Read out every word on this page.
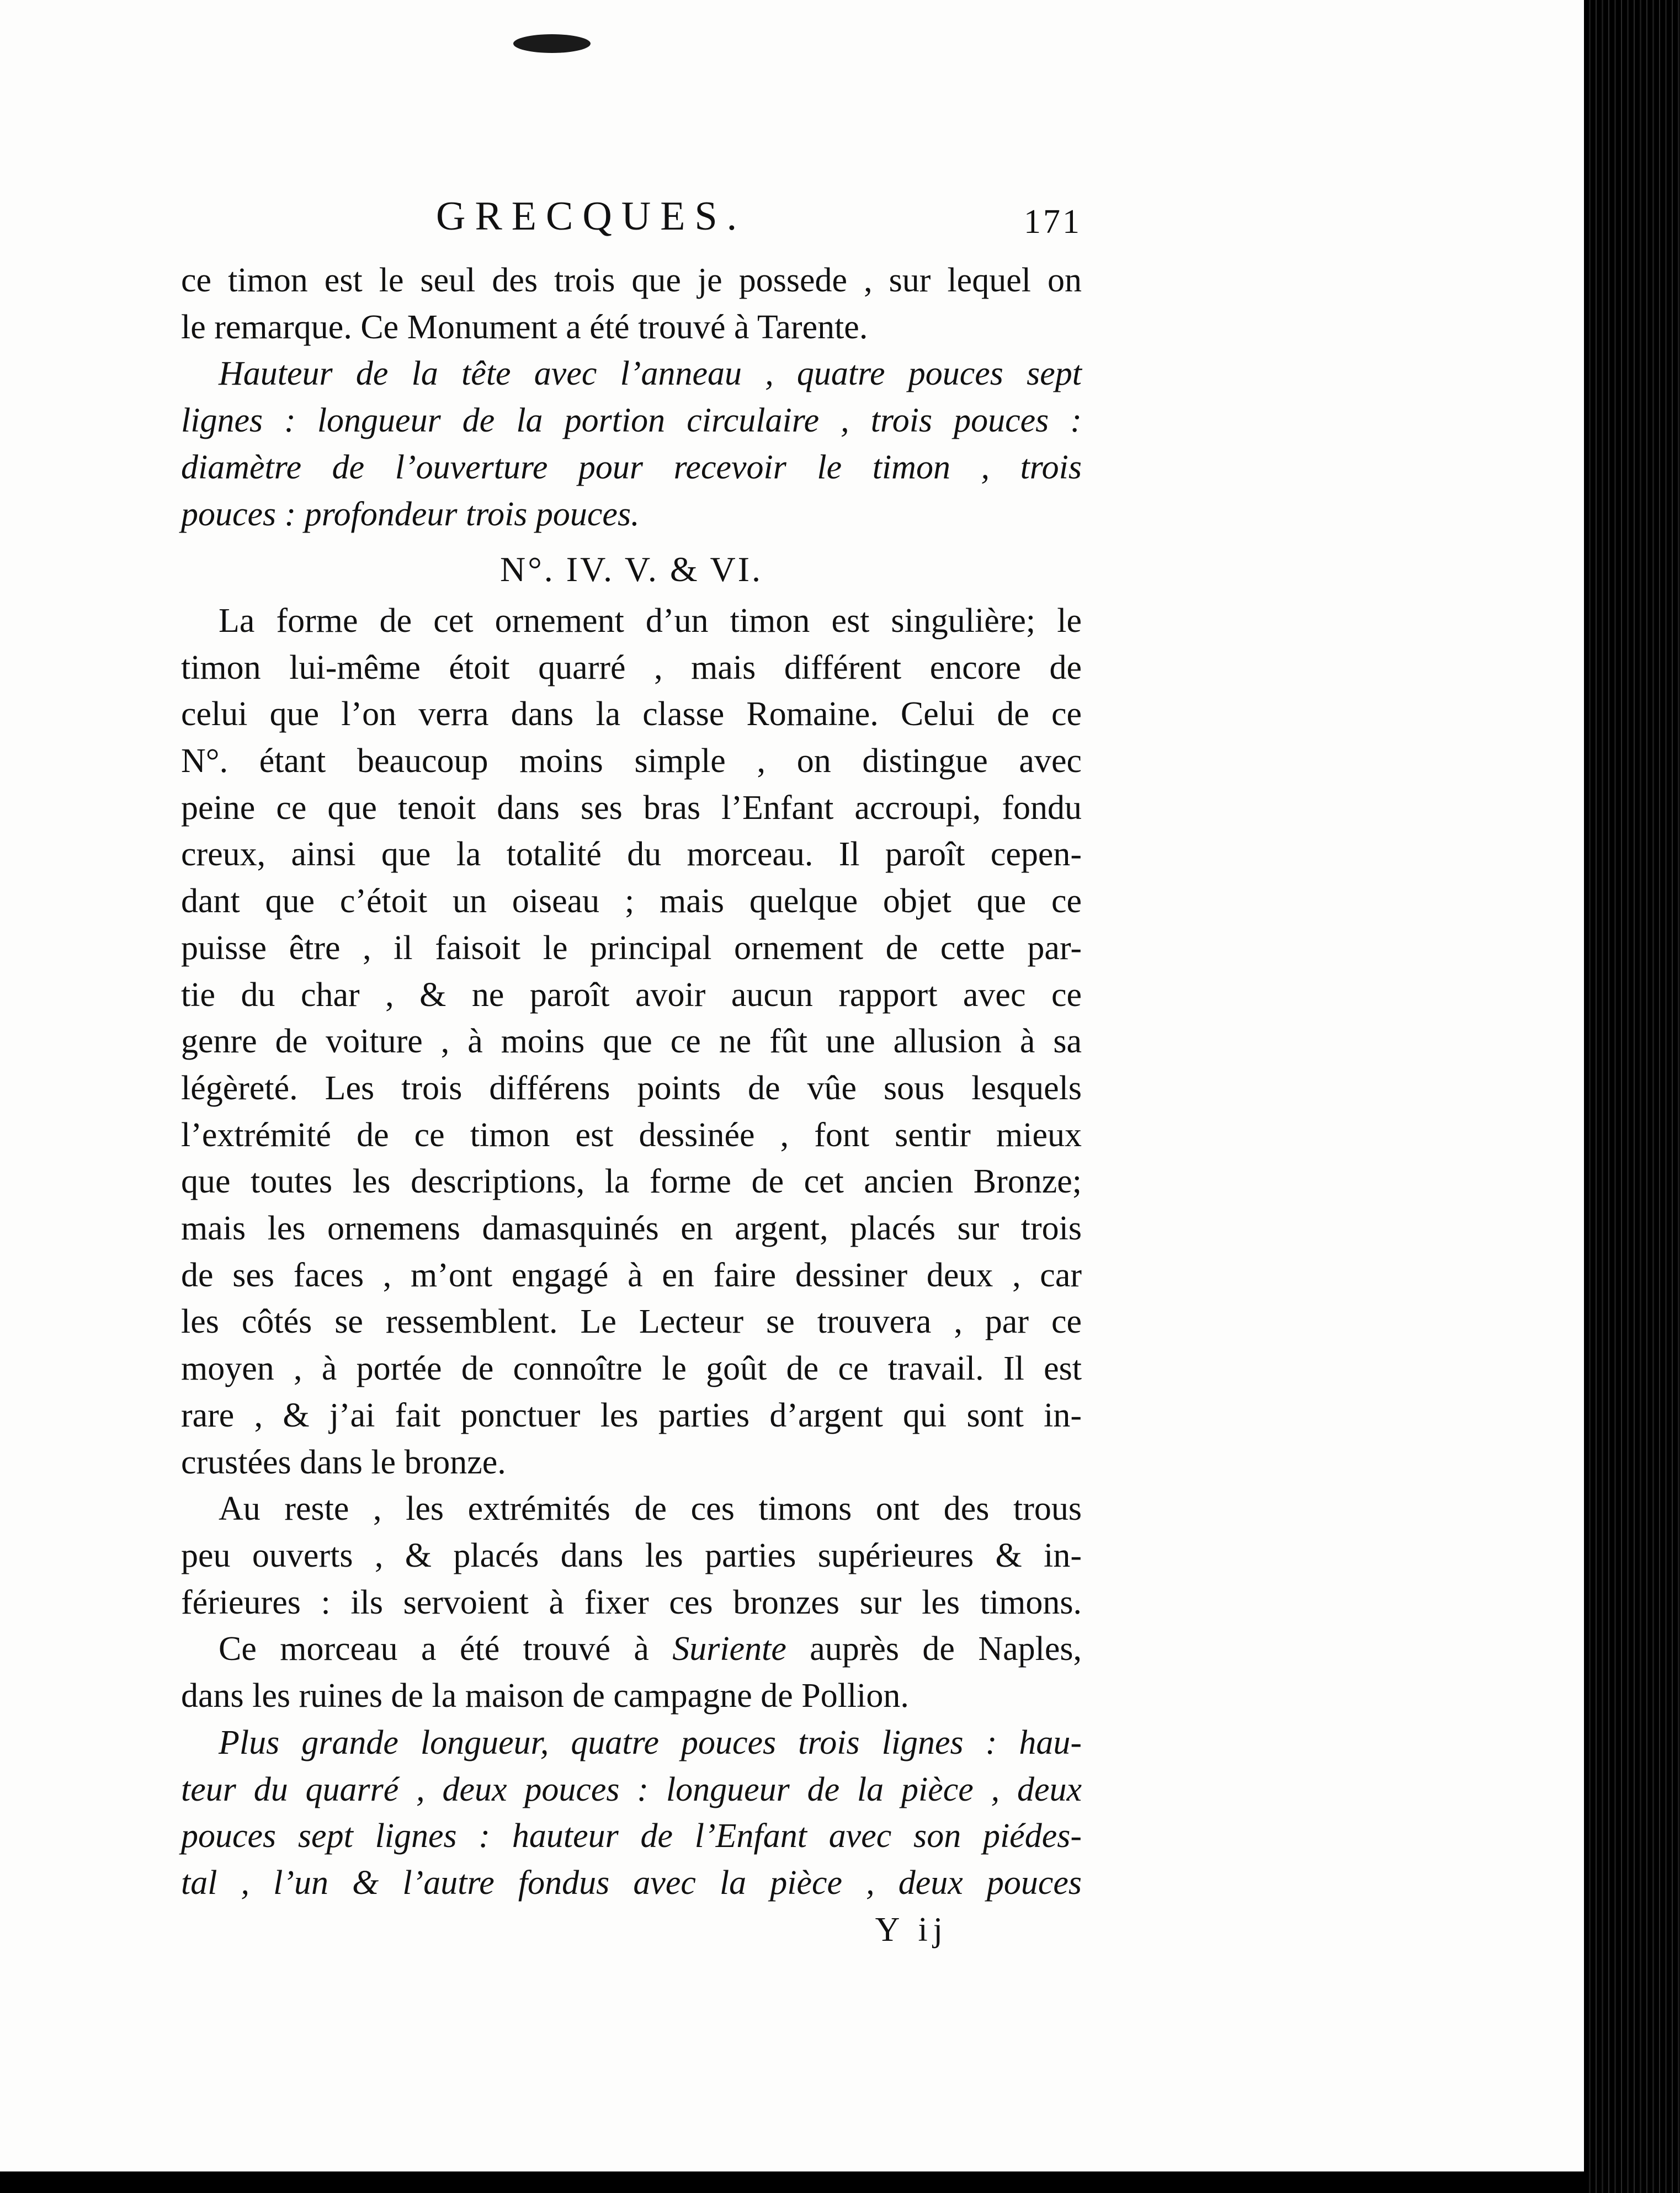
GRECQUES.	171
ce timon est le seul des trois que je possede , sur lequel on
le remarque. Ce Monument a été trouvé à Tarente.
Hauteur de la tête avec l’anneau , quatre pouces sept
lignes : longueur de la portion circulaire , trois pouces :
diamètre de l’ouverture pour recevoir le timon , trois
pouces : profondeur trois pouces.
N°. IV. V. & VI.
La forme de cet ornement d’un timon est singulière; le
timon lui-même étoit quarré , mais différent encore de
celui que l’on verra dans la classe Romaine. Celui de ce
N°. étant beaucoup moins simple , on distingue avec
peine ce que tenoit dans ses bras l’Enfant accroupi, fondu
creux, ainsi que la totalité du morceau. Il paroît cepen-
dant que c’étoit un oiseau ; mais quelque objet que ce
puisse être , il faisoit le principal ornement de cette par-
tie du char , & ne paroît avoir aucun rapport avec ce
genre de voiture , à moins que ce ne fût une allusion à sa
légèreté. Les trois différens points de vûe sous lesquels
l’extrémité de ce timon est dessinée , font sentir mieux
que toutes les descriptions, la forme de cet ancien Bronze;
mais les ornemens damasquinés en argent, placés sur trois
de ses faces , m’ont engagé à en faire dessiner deux , car
les côtés se ressemblent. Le Lecteur se trouvera , par ce
moyen , à portée de connoître le goût de ce travail. Il est
rare , & j’ai fait ponctuer les parties d’argent qui sont in-
crustées dans le bronze.
Au reste , les extrémités de ces timons ont des trous
peu ouverts , & placés dans les parties supérieures & in-
férieures : ils servoient à fixer ces bronzes sur les timons.
Ce morceau a été trouvé à Suriente auprès de Naples,
dans les ruines de la maison de campagne de Pollion.
Plus grande longueur, quatre pouces trois lignes : hau-
teur du quarré , deux pouces : longueur de la pièce , deux
pouces sept lignes : hauteur de l’Enfant avec son piédes-
tal , l’un & l’autre fondus avec la pièce , deux pouces
Y ij
